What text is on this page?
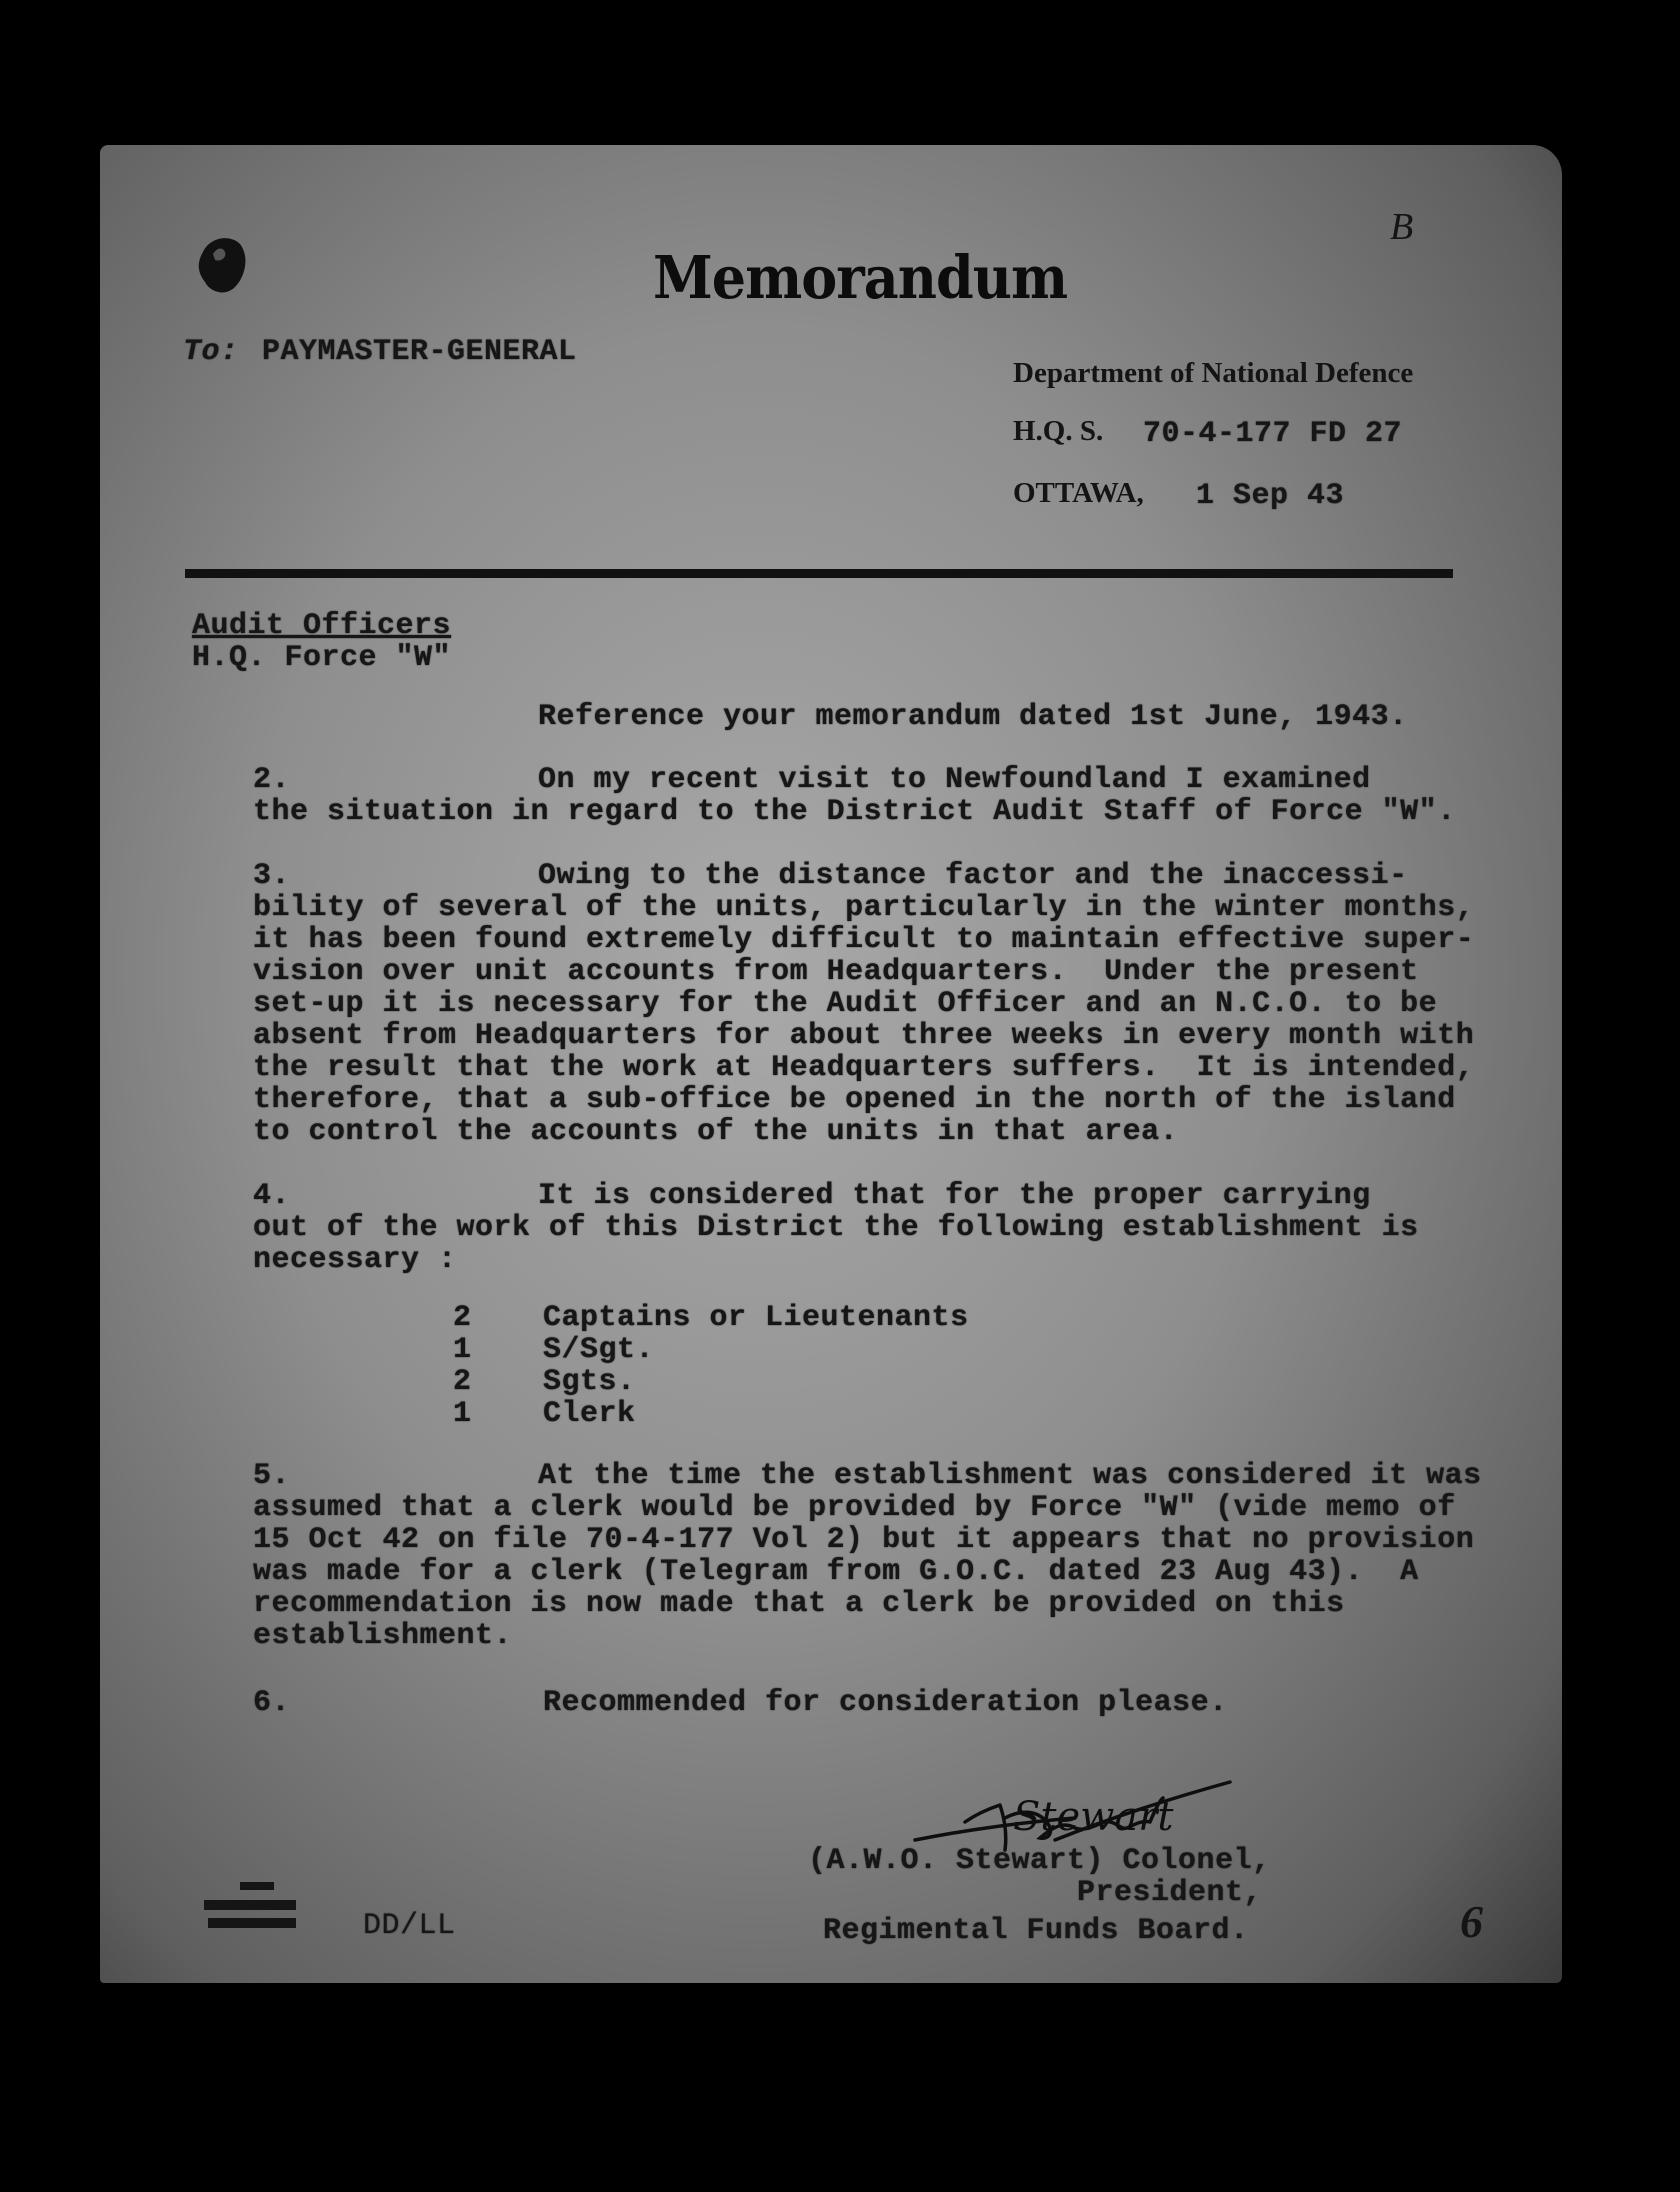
Memorandum
B
To: PAYMASTER-GENERAL
Department of National Defence
H.Q. S. 70-4-177 FD 27
OTTAWA, 1 Sep 43
Audit Officers
H.Q. Force "W"
Reference your memorandum dated 1st June, 1943.
2.	On my recent visit to Newfoundland I examined
the situation in regard to the District Audit Staff of Force "W".
3.	Owing to the distance factor and the inaccessi-
bility of several of the units, particularly in the winter months,
it has been found extremely difficult to maintain effective super-
vision over unit accounts from Headquarters.  Under the present
set-up it is necessary for the Audit Officer and an N.C.O. to be
absent from Headquarters for about three weeks in every month with
the result that the work at Headquarters suffers.  It is intended,
therefore, that a sub-office be opened in the north of the island
to control the accounts of the units in that area.
4.	It is considered that for the proper carrying
out of the work of this District the following establishment is
necessary :
2 Captains or Lieutenants
1 S/Sgt.
2 Sgts.
1 Clerk
5.	At the time the establishment was considered it was
assumed that a clerk would be provided by Force "W" (vide memo of
15 Oct 42 on file 70-4-177 Vol 2) but it appears that no provision
was made for a clerk (Telegram from G.O.C. dated 23 Aug 43).  A
recommendation is now made that a clerk be provided on this
establishment.
6.	Recommended for consideration please.
Stewart
(A.W.O. Stewart) Colonel,
President,
Regimental Funds Board.
DD/LL	6
